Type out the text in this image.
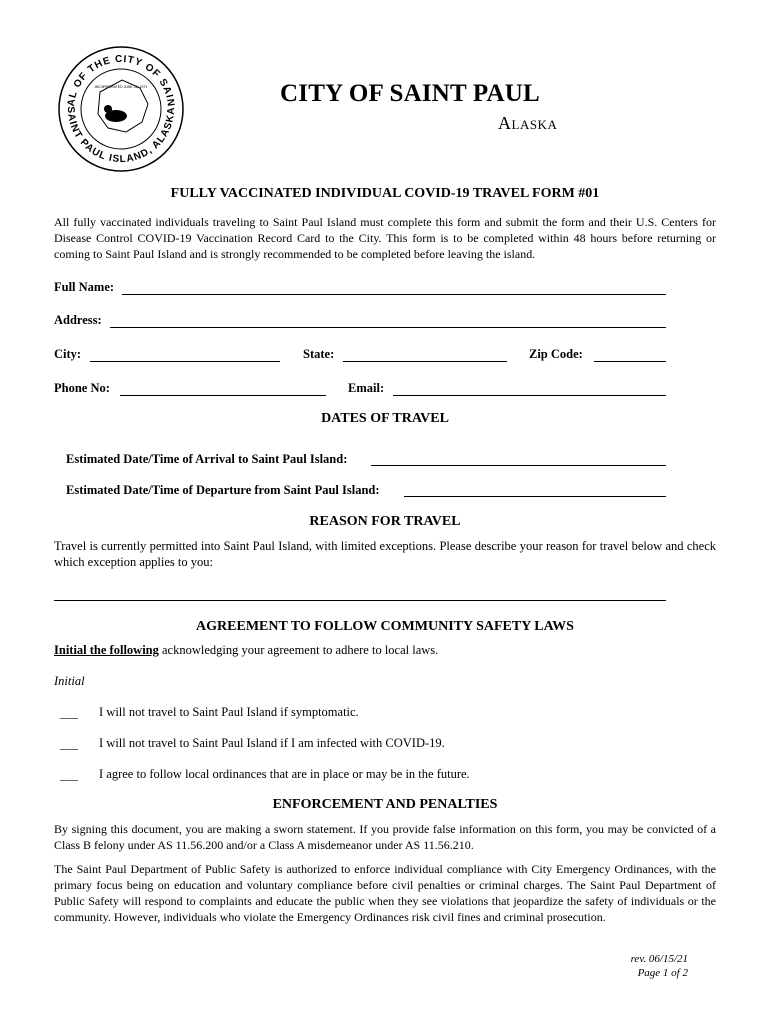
AL OF THE CITY OF SAIN
SAINT PAUL ISLAND, ALASKA
INCORPORATED JUNE 26, 1971	CITY OF SAINT PAUL
Alaska
FULLY VACCINATED INDIVIDUAL COVID-19 TRAVEL FORM #01
All fully vaccinated individuals traveling to Saint Paul Island must complete this form and submit the form and their U.S. Centers for Disease Control COVID-19 Vaccination Record Card to the City. This form is to be completed within 48 hours before returning or coming to Saint Paul Island and is strongly recommended to be completed before leaving the island.
Full Name:
Address:
City:	State:	Zip Code:
Phone No:	Email:
DATES OF TRAVEL
Estimated Date/Time of Arrival to Saint Paul Island:
Estimated Date/Time of Departure from Saint Paul Island:
REASON FOR TRAVEL
Travel is currently permitted into Saint Paul Island, with limited exceptions. Please describe your reason for travel below and check which exception applies to you:
AGREEMENT TO FOLLOW COMMUNITY SAFETY LAWS
Initial the following acknowledging your agreement to adhere to local laws.
Initial
___ I will not travel to Saint Paul Island if symptomatic.
___ I will not travel to Saint Paul Island if I am infected with COVID-19.
___ I agree to follow local ordinances that are in place or may be in the future.
ENFORCEMENT AND PENALTIES
By signing this document, you are making a sworn statement. If you provide false information on this form, you may be convicted of a Class B felony under AS 11.56.200 and/or a Class A misdemeanor under AS 11.56.210.
The Saint Paul Department of Public Safety is authorized to enforce individual compliance with City Emergency Ordinances, with the primary focus being on education and voluntary compliance before civil penalties or criminal charges. The Saint Paul Department of Public Safety will respond to complaints and educate the public when they see violations that jeopardize the safety of individuals or the community. However, individuals who violate the Emergency Ordinances risk civil fines and criminal prosecution.
rev. 06/15/21
Page 1 of 2
